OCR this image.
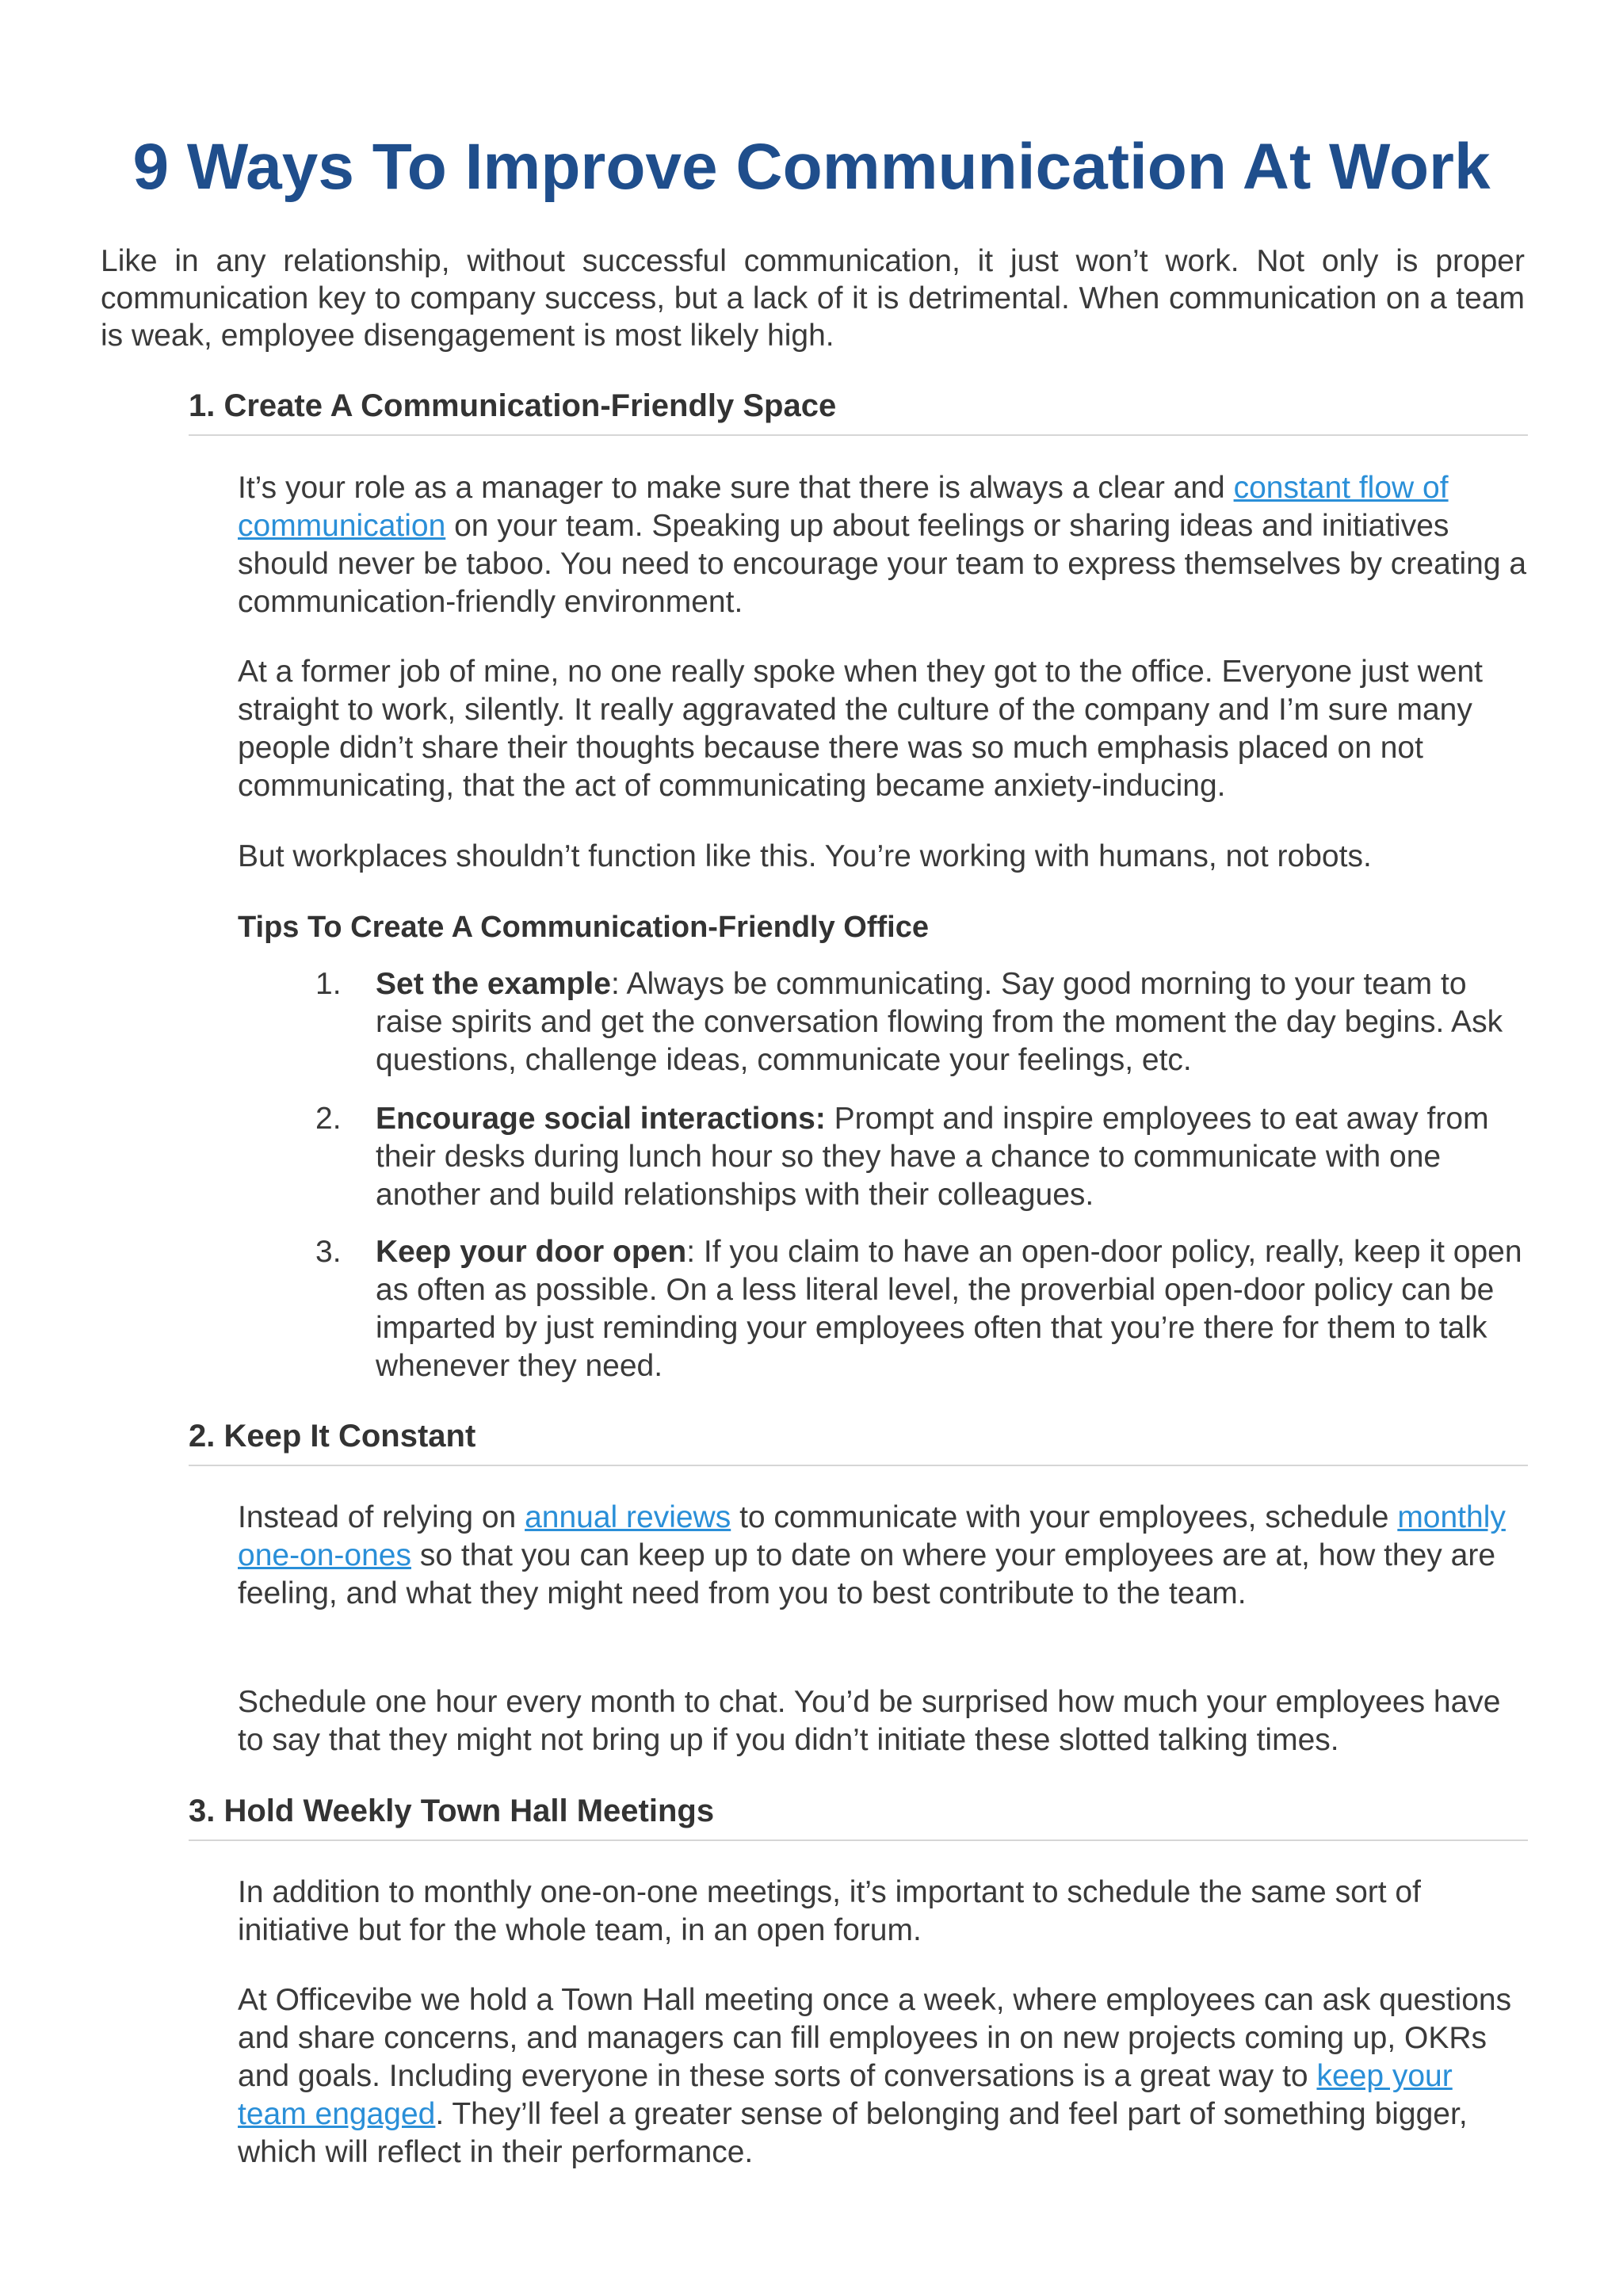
9 Ways To Improve Communication At Work

Like in any relationship, without successful communication, it just won’t work. Not only is proper communication key to company success, but a lack of it is detrimental. When communication on a team is weak, employee disengagement is most likely high.

1. Create A Communication-Friendly Space

It’s your role as a manager to make sure that there is always a clear and constant flow of communication on your team. Speaking up about feelings or sharing ideas and initiatives should never be taboo. You need to encourage your team to express themselves by creating a communication-friendly environment.

At a former job of mine, no one really spoke when they got to the office. Everyone just went straight to work, silently. It really aggravated the culture of the company and I’m sure many people didn’t share their thoughts because there was so much emphasis placed on not communicating, that the act of communicating became anxiety-inducing.

But workplaces shouldn’t function like this. You’re working with humans, not robots.

Tips To Create A Communication-Friendly Office
1.	Set the example: Always be communicating. Say good morning to your team to raise spirits and get the conversation flowing from the moment the day begins. Ask questions, challenge ideas, communicate your feelings, etc.
2.	Encourage social interactions: Prompt and inspire employees to eat away from their desks during lunch hour so they have a chance to communicate with one another and build relationships with their colleagues.
3.	Keep your door open: If you claim to have an open-door policy, really, keep it open as often as possible. On a less literal level, the proverbial open-door policy can be imparted by just reminding your employees often that you’re there for them to talk whenever they need.
2. Keep It Constant

Instead of relying on annual reviews to communicate with your employees, schedule monthly one-on-ones so that you can keep up to date on where your employees are at, how they are feeling, and what they might need from you to best contribute to the team.

Schedule one hour every month to chat. You’d be surprised how much your employees have to say that they might not bring up if you didn’t initiate these slotted talking times.

3. Hold Weekly Town Hall Meetings

In addition to monthly one-on-one meetings, it’s important to schedule the same sort of initiative but for the whole team, in an open forum.

At Officevibe we hold a Town Hall meeting once a week, where employees can ask questions and share concerns, and managers can fill employees in on new projects coming up, OKRs and goals. Including everyone in these sorts of conversations is a great way to keep your team engaged. They’ll feel a greater sense of belonging and feel part of something bigger, which will reflect in their performance.
